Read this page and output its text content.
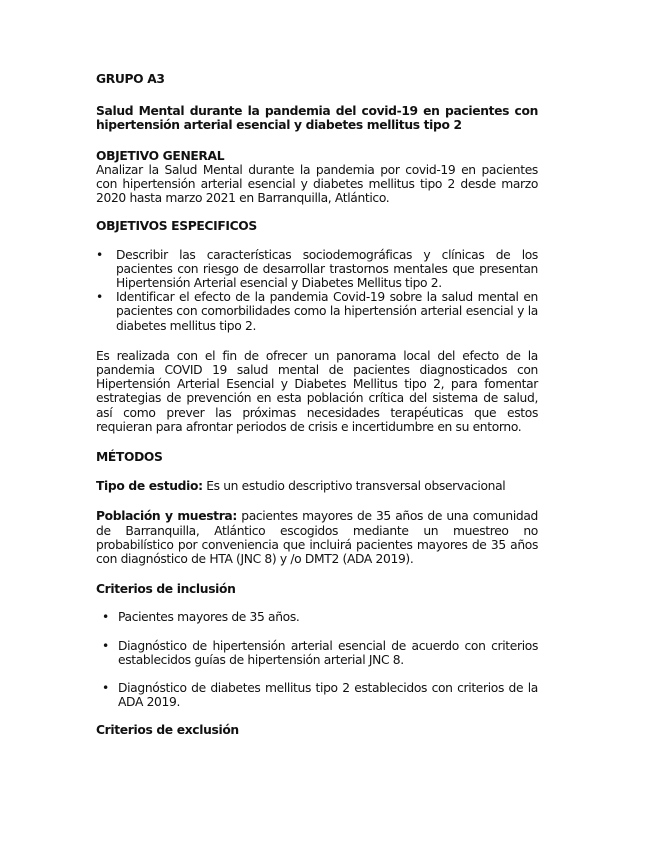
GRUPO A3

Salud Mental durante la pandemia del covid-19 en pacientes con hipertensión arterial esencial y diabetes mellitus tipo 2

OBJETIVO GENERAL

Analizar la Salud Mental durante la pandemia por covid-19 en pacientes con hipertensión arterial esencial y diabetes mellitus tipo 2 desde marzo 2020 hasta marzo 2021 en Barranquilla, Atlántico.

OBJETIVOS ESPECIFICOS

• Describir las características sociodemográficas y clínicas de los pacientes con riesgo de desarrollar trastornos mentales que presentan Hipertensión Arterial esencial y Diabetes Mellitus tipo 2.
• Identificar el efecto de la pandemia Covid-19 sobre la salud mental en pacientes con comorbilidades como la hipertensión arterial esencial y la diabetes mellitus tipo 2.

Es realizada con el fin de ofrecer un panorama local del efecto de la pandemia COVID 19 salud mental de pacientes diagnosticados con Hipertensión Arterial Esencial y Diabetes Mellitus tipo 2, para fomentar estrategias de prevención en esta población crítica del sistema de salud, así como prever las próximas necesidades terapéuticas que estos requieran para afrontar periodos de crisis e incertidumbre en su entorno.

MÉTODOS

Tipo de estudio: Es un estudio descriptivo transversal observacional

Población y muestra: pacientes mayores de 35 años de una comunidad de Barranquilla, Atlántico escogidos mediante un muestreo no probabilístico por conveniencia que incluirá pacientes mayores de 35 años con diagnóstico de HTA (JNC 8) y /o DMT2 (ADA 2019).

Criterios de inclusión

• Pacientes mayores de 35 años.
• Diagnóstico de hipertensión arterial esencial de acuerdo con criterios establecidos guías de hipertensión arterial JNC 8.
• Diagnóstico de diabetes mellitus tipo 2 establecidos con criterios de la ADA 2019.

Criterios de exclusión
